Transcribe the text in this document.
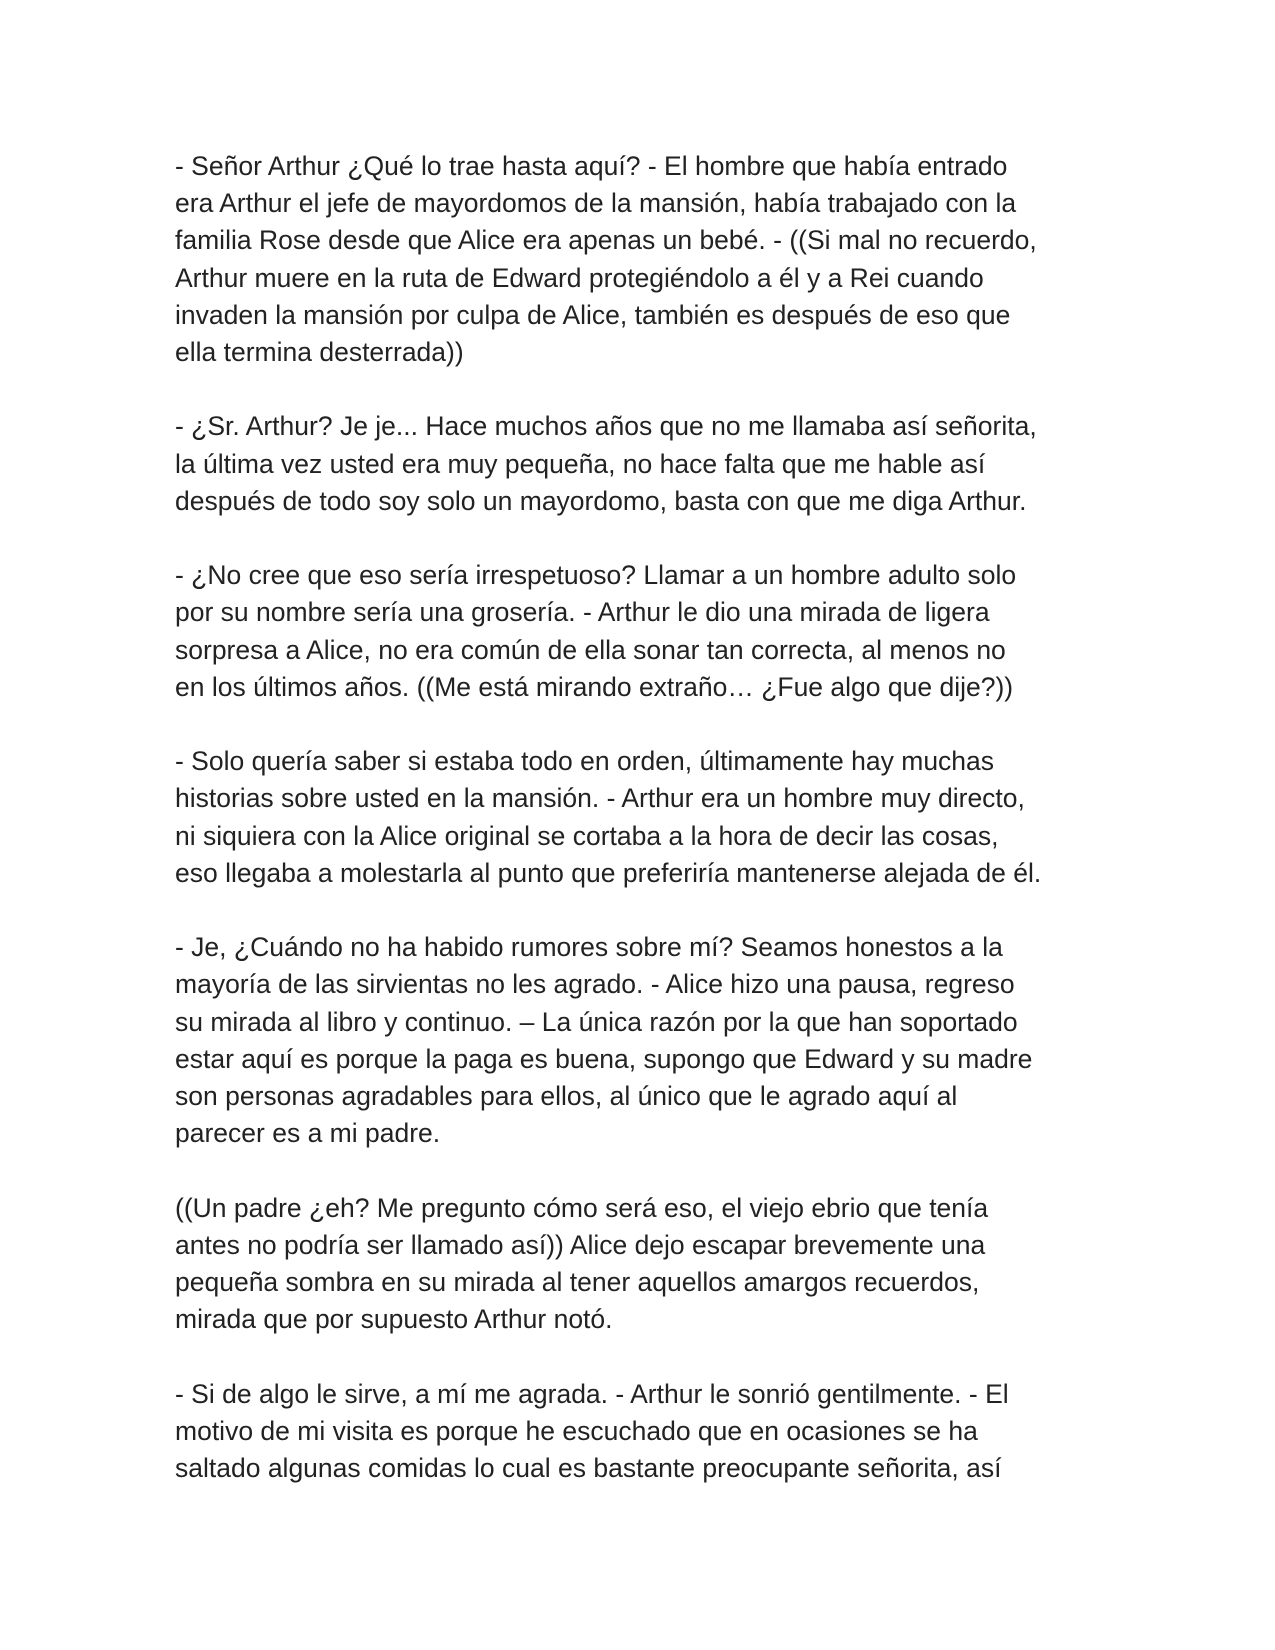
- Señor Arthur ¿Qué lo trae hasta aquí? - El hombre que había entrado
era Arthur el jefe de mayordomos de la mansión, había trabajado con la
familia Rose desde que Alice era apenas un bebé. - ((Si mal no recuerdo,
Arthur muere en la ruta de Edward protegiéndolo a él y a Rei cuando
invaden la mansión por culpa de Alice, también es después de eso que
ella termina desterrada))

- ¿Sr. Arthur? Je je... Hace muchos años que no me llamaba así señorita,
la última vez usted era muy pequeña, no hace falta que me hable así
después de todo soy solo un mayordomo, basta con que me diga Arthur.

- ¿No cree que eso sería irrespetuoso? Llamar a un hombre adulto solo
por su nombre sería una grosería. - Arthur le dio una mirada de ligera
sorpresa a Alice, no era común de ella sonar tan correcta, al menos no
en los últimos años. ((Me está mirando extraño… ¿Fue algo que dije?))

- Solo quería saber si estaba todo en orden, últimamente hay muchas
historias sobre usted en la mansión. - Arthur era un hombre muy directo,
ni siquiera con la Alice original se cortaba a la hora de decir las cosas,
eso llegaba a molestarla al punto que preferiría mantenerse alejada de él.

- Je, ¿Cuándo no ha habido rumores sobre mí? Seamos honestos a la
mayoría de las sirvientas no les agrado. - Alice hizo una pausa, regreso
su mirada al libro y continuo. – La única razón por la que han soportado
estar aquí es porque la paga es buena, supongo que Edward y su madre
son personas agradables para ellos, al único que le agrado aquí al
parecer es a mi padre.

((Un padre ¿eh? Me pregunto cómo será eso, el viejo ebrio que tenía
antes no podría ser llamado así)) Alice dejo escapar brevemente una
pequeña sombra en su mirada al tener aquellos amargos recuerdos,
mirada que por supuesto Arthur notó.

- Si de algo le sirve, a mí me agrada. - Arthur le sonrió gentilmente. - El
motivo de mi visita es porque he escuchado que en ocasiones se ha
saltado algunas comidas lo cual es bastante preocupante señorita, así
